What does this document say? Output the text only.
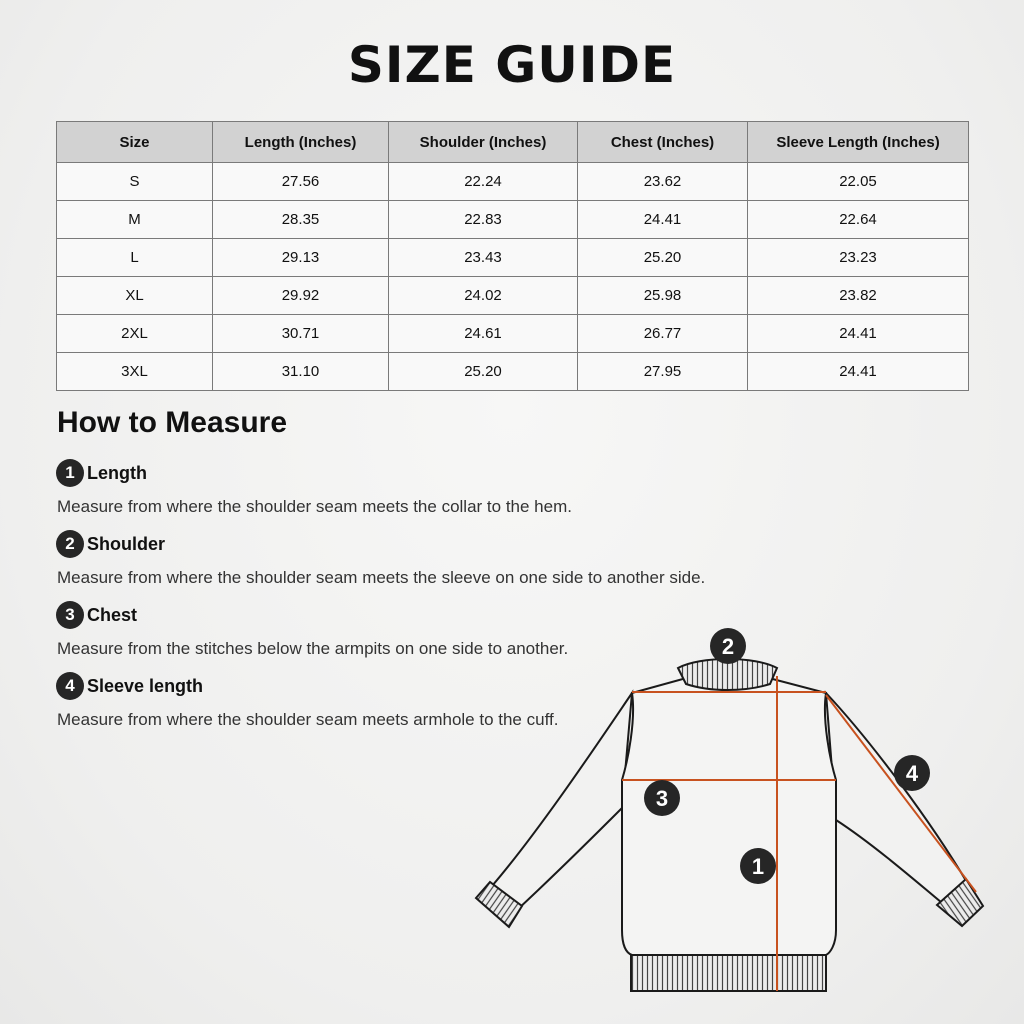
SIZE GUIDE
Size	Length (Inches)	Shoulder (Inches)	Chest (Inches)	Sleeve Length (Inches)
S	27.56	22.24	23.62	22.05
M	28.35	22.83	24.41	22.64
L	29.13	23.43	25.20	23.23
XL	29.92	24.02	25.98	23.82
2XL	30.71	24.61	26.77	24.41
3XL	31.10	25.20	27.95	24.41
How to Measure
1 Length

Measure from where the shoulder seam meets the collar to the hem.

2 Shoulder

Measure from where the shoulder seam meets the sleeve on one side to another side.

3 Chest

Measure from the stitches below the armpits on one side to another.

4 Sleeve length

Measure from where the shoulder seam meets armhole to the cuff.

2
4
3
1
